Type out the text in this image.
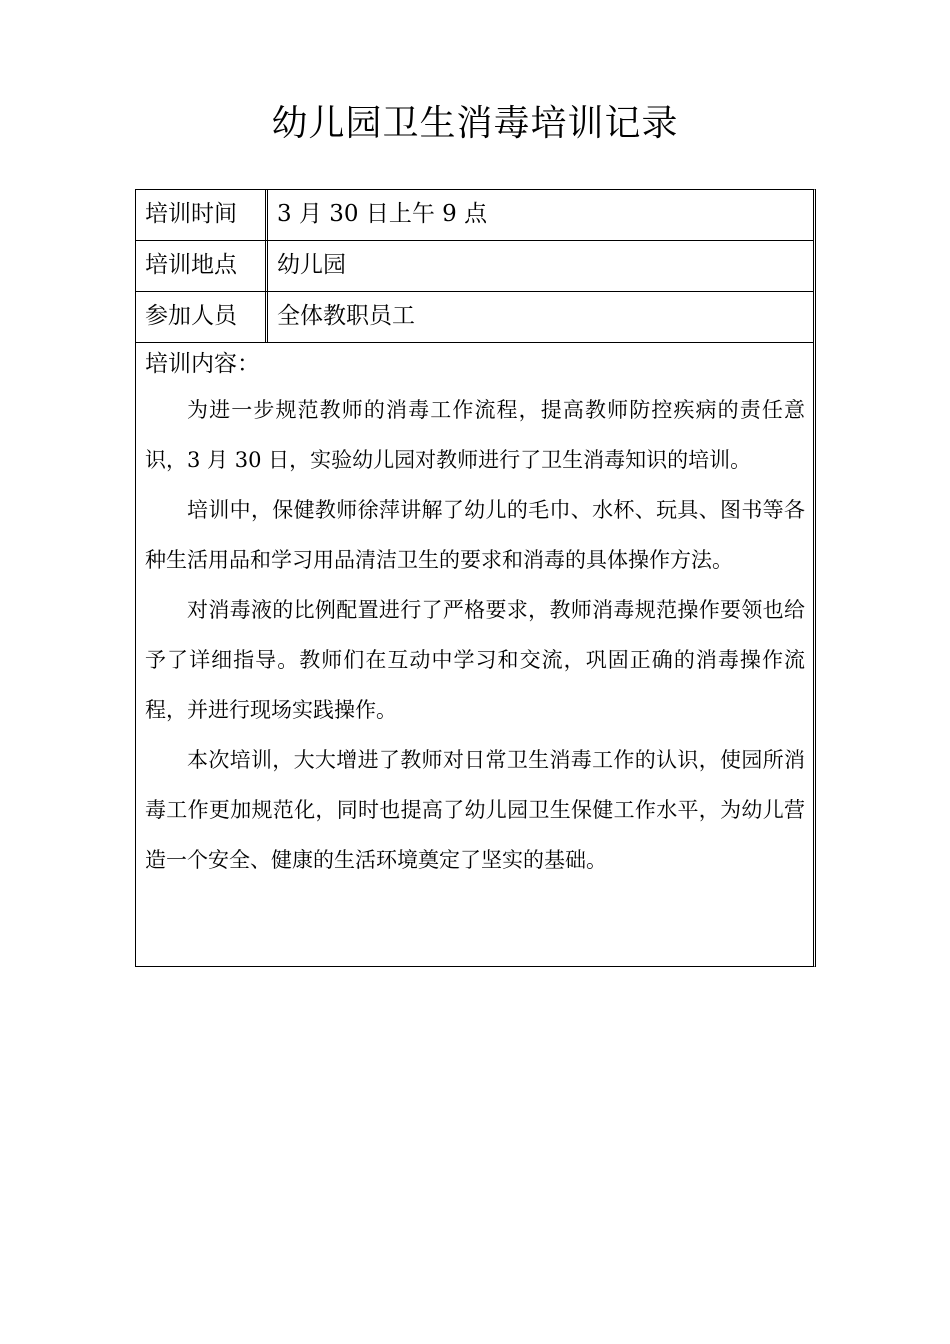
幼儿园卫生消毒培训记录
培训时间	3 月 30 日上午 9 点
培训地点	幼儿园
参加人员	全体教职员工

培训内容：

为进一步规范教师的消毒工作流程，提高教师防控疾病的责任意识，3 月 30 日，实验幼儿园对教师进行了卫生消毒知识的培训。

培训中，保健教师徐萍讲解了幼儿的毛巾、水杯、玩具、图书等各种生活用品和学习用品清洁卫生的要求和消毒的具体操作方法。

对消毒液的比例配置进行了严格要求，教师消毒规范操作要领也给予了详细指导。教师们在互动中学习和交流，巩固正确的消毒操作流程，并进行现场实践操作。

本次培训，大大增进了教师对日常卫生消毒工作的认识，使园所消毒工作更加规范化，同时也提高了幼儿园卫生保健工作水平，为幼儿营造一个安全、健康的生活环境奠定了坚实的基础。
